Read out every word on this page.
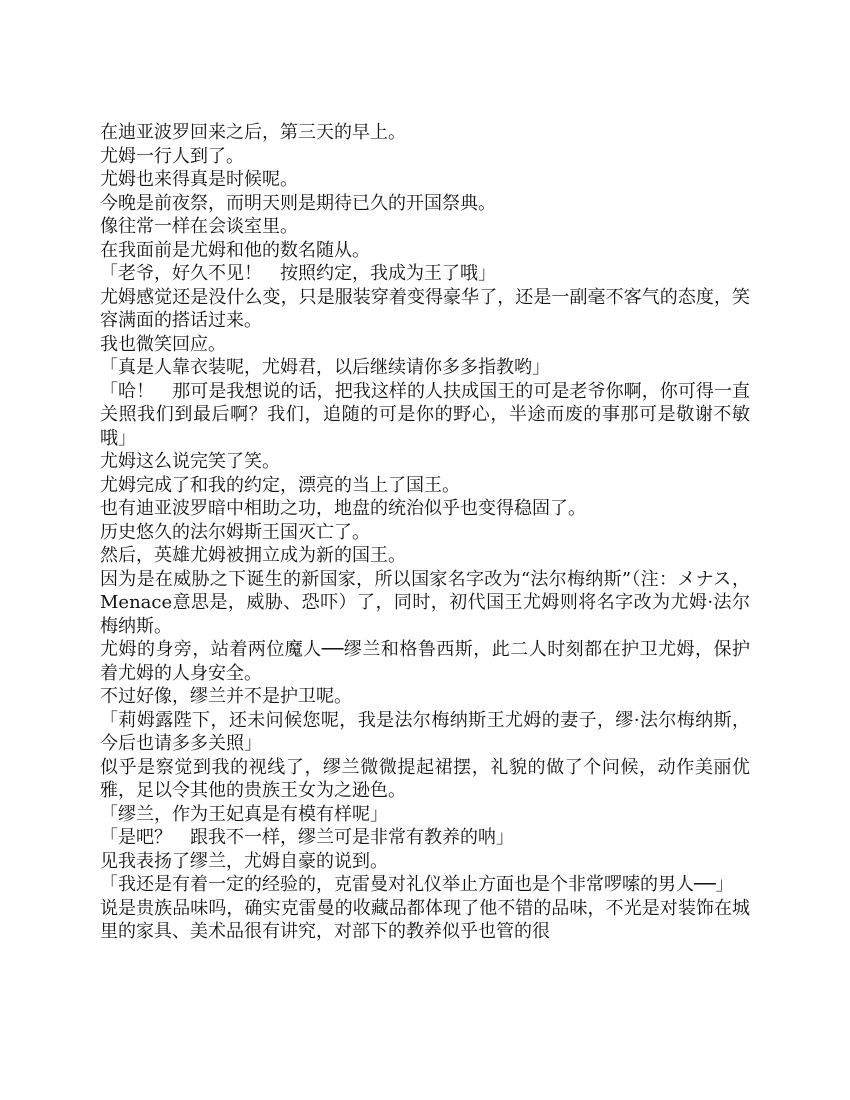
在迪亚波罗回来之后，第三天的早上。

尤姆一行人到了。

尤姆也来得真是时候呢。

今晚是前夜祭，而明天则是期待已久的开国祭典。

像往常一样在会谈室里。

在我面前是尤姆和他的数名随从。

「老爷，好久不见！　按照约定，我成为王了哦」

尤姆感觉还是没什么变，只是服装穿着变得豪华了，还是一副毫不客气的态度，笑容满面的搭话过来。

我也微笑回应。

「真是人靠衣装呢，尤姆君，以后继续请你多多指教哟」

「哈！　那可是我想说的话，把我这样的人扶成国王的可是老爷你啊，你可得一直关照我们到最后啊？我们，追随的可是你的野心，半途而废的事那可是敬谢不敏哦」

尤姆这么说完笑了笑。

尤姆完成了和我的约定，漂亮的当上了国王。

也有迪亚波罗暗中相助之功，地盘的统治似乎也变得稳固了。

历史悠久的法尔姆斯王国灭亡了。

然后，英雄尤姆被拥立成为新的国王。

因为是在威胁之下诞生的新国家，所以国家名字改为“法尔梅纳斯”（注：メナス，Menace意思是，威胁、恐吓）了，同时，初代国王尤姆则将名字改为尤姆·法尔梅纳斯。

尤姆的身旁，站着两位魔人──缪兰和格鲁西斯，此二人时刻都在护卫尤姆，保护着尤姆的人身安全。

不过好像，缪兰并不是护卫呢。

「莉姆露陛下，还未问候您呢，我是法尔梅纳斯王尤姆的妻子，缪·法尔梅纳斯，今后也请多多关照」

似乎是察觉到我的视线了，缪兰微微提起裙摆，礼貌的做了个问候，动作美丽优雅，足以令其他的贵族王女为之逊色。

「缪兰，作为王妃真是有模有样呢」

「是吧？　跟我不一样，缪兰可是非常有教养的呐」

见我表扬了缪兰，尤姆自豪的说到。

「我还是有着一定的经验的，克雷曼对礼仪举止方面也是个非常啰嗦的男人──」

说是贵族品味吗，确实克雷曼的收藏品都体现了他不错的品味，不光是对装饰在城里的家具、美术品很有讲究，对部下的教养似乎也管的很
